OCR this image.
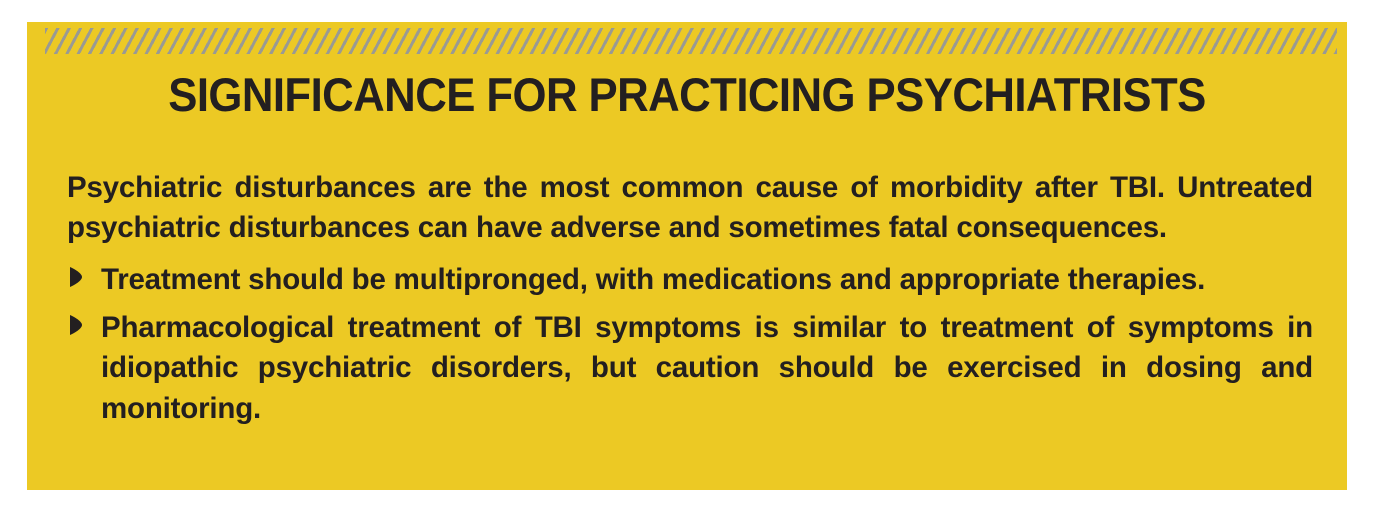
SIGNIFICANCE FOR PRACTICING PSYCHIATRISTS

Psychiatric disturbances are the most common cause of morbidity after TBI. Untreated psychiatric disturbances can have adverse and sometimes fatal consequences.

Treatment should be multipronged, with medications and appropriate therapies.
Pharmacological treatment of TBI symptoms is similar to treatment of symptoms in idiopathic psychiatric disorders, but caution should be exercised in dosing and monitoring.
